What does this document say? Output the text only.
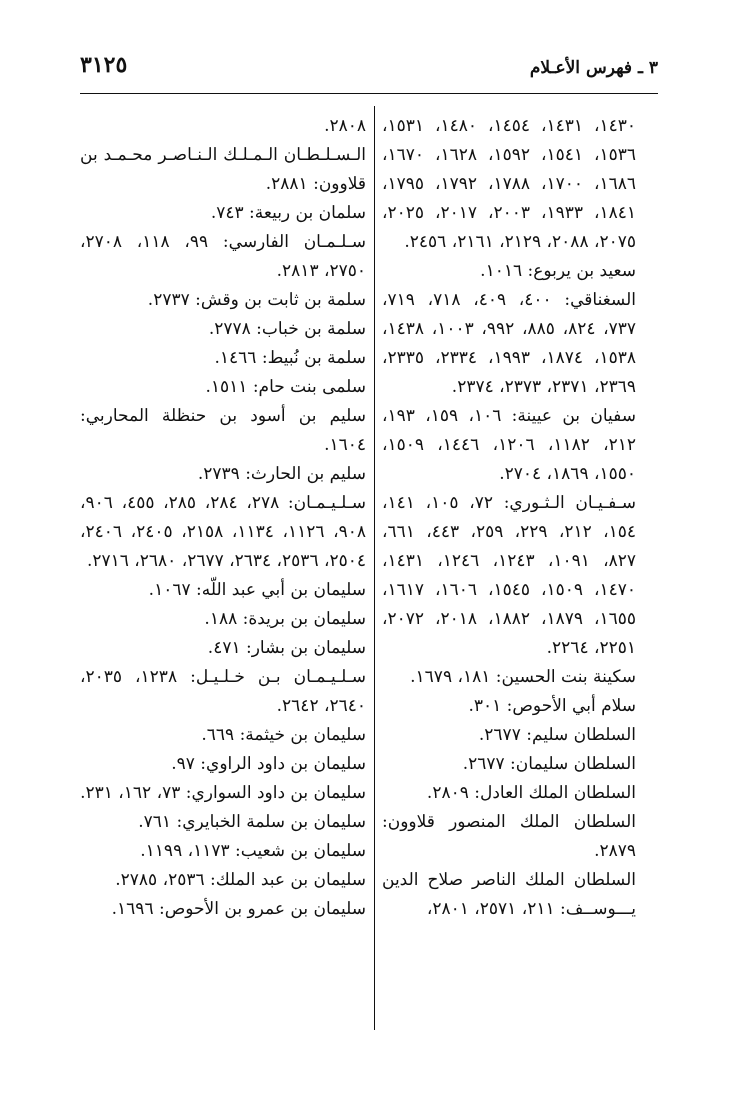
٣١٢٥	٣ ـ فهرس الأعـلام

١٤٣٠، ١٤٣١، ١٤٥٤، ١٤٨٠، ١٥٣١، ١٥٣٦، ١٥٤١، ١٥٩٢، ١٦٢٨، ١٦٧٠، ١٦٨٦، ١٧٠٠، ١٧٨٨، ١٧٩٢، ١٧٩٥، ١٨٤١، ١٩٣٣، ٢٠٠٣، ٢٠١٧، ٢٠٢٥، ٢٠٧٥، ٢٠٨٨، ٢١٢٩، ٢١٦١، ٢٤٥٦.

سعيد بن يربوع: ١٠١٦.

السغناقي: ٤٠٠، ٤٠٩، ٧١٨، ٧١٩، ٧٣٧، ٨٢٤، ٨٨٥، ٩٩٢، ١٠٠٣، ١٤٣٨، ١٥٣٨، ١٨٧٤، ١٩٩٣، ٢٣٣٤، ٢٣٣٥، ٢٣٦٩، ٢٣٧١، ٢٣٧٣، ٢٣٧٤.

سفيان بن عيينة: ١٠٦، ١٥٩، ١٩٣، ٢١٢، ١١٨٢، ١٢٠٦، ١٤٤٦، ١٥٠٩، ١٥٥٠، ١٨٦٩، ٢٧٠٤.

سـفـيـان الـثـوري: ٧٢، ١٠٥، ١٤١، ١٥٤، ٢١٢، ٢٢٩، ٢٥٩، ٤٤٣، ٦٦١، ٨٢٧، ١٠٩١، ١٢٤٣، ١٢٤٦، ١٤٣١، ١٤٧٠، ١٥٠٩، ١٥٤٥، ١٦٠٦، ١٦١٧، ١٦٥٥، ١٨٧٩، ١٨٨٢، ٢٠١٨، ٢٠٧٢، ٢٢٥١، ٢٢٦٤.

سكينة بنت الحسين: ١٨١، ١٦٧٩.

سلام أبي الأحوص: ٣٠١.

السلطان سليم: ٢٦٧٧.

السلطان سليمان: ٢٦٧٧.

السلطان الملك العادل: ٢٨٠٩.

السلطان الملك المنصور قلاوون: ٢٨٧٩.

السلطان الملك الناصر صلاح الدين يـــوســف: ٢١١، ٢٥٧١، ٢٨٠١،

٢٨٠٨.

الـسـلـطـان الـمـلـك الـنـاصـر محـمـد بن قلاوون: ٢٨٨١.

سلمان بن ربيعة: ٧٤٣.

سـلـمـان الفارسي: ٩٩، ١١٨، ٢٧٠٨، ٢٧٥٠، ٢٨١٣.

سلمة بن ثابت بن وقش: ٢٧٣٧.

سلمة بن خباب: ٢٧٧٨.

سلمة بن نُبيط: ١٤٦٦.

سلمى بنت حام: ١٥١١.

سليم بن أسود بن حنظلة المحاربي: ١٦٠٤.

سليم بن الحارث: ٢٧٣٩.

سـلـيـمـان: ٢٧٨، ٢٨٤، ٢٨٥، ٤٥٥، ٩٠٦، ٩٠٨، ١١٢٦، ١١٣٤، ٢١٥٨، ٢٤٠٥، ٢٤٠٦، ٢٥٠٤، ٢٥٣٦، ٢٦٣٤، ٢٦٧٧، ٢٦٨٠، ٢٧١٦.

سليمان بن أبي عبد اللّه: ١٠٦٧.

سليمان بن بريدة: ١٨٨.

سليمان بن بشار: ٤٧١.

سـلـيـمـان بـن خـلـيـل: ١٢٣٨، ٢٠٣٥، ٢٦٤٠، ٢٦٤٢.

سليمان بن خيثمة: ٦٦٩.

سليمان بن داود الراوي: ٩٧.

سليمان بن داود السواري: ٧٣، ١٦٢، ٢٣١.

سليمان بن سلمة الخبايري: ٧٦١.

سليمان بن شعيب: ١١٧٣، ١١٩٩.

سليمان بن عبد الملك: ٢٥٣٦، ٢٧٨٥.

سليمان بن عمرو بن الأحوص: ١٦٩٦.
